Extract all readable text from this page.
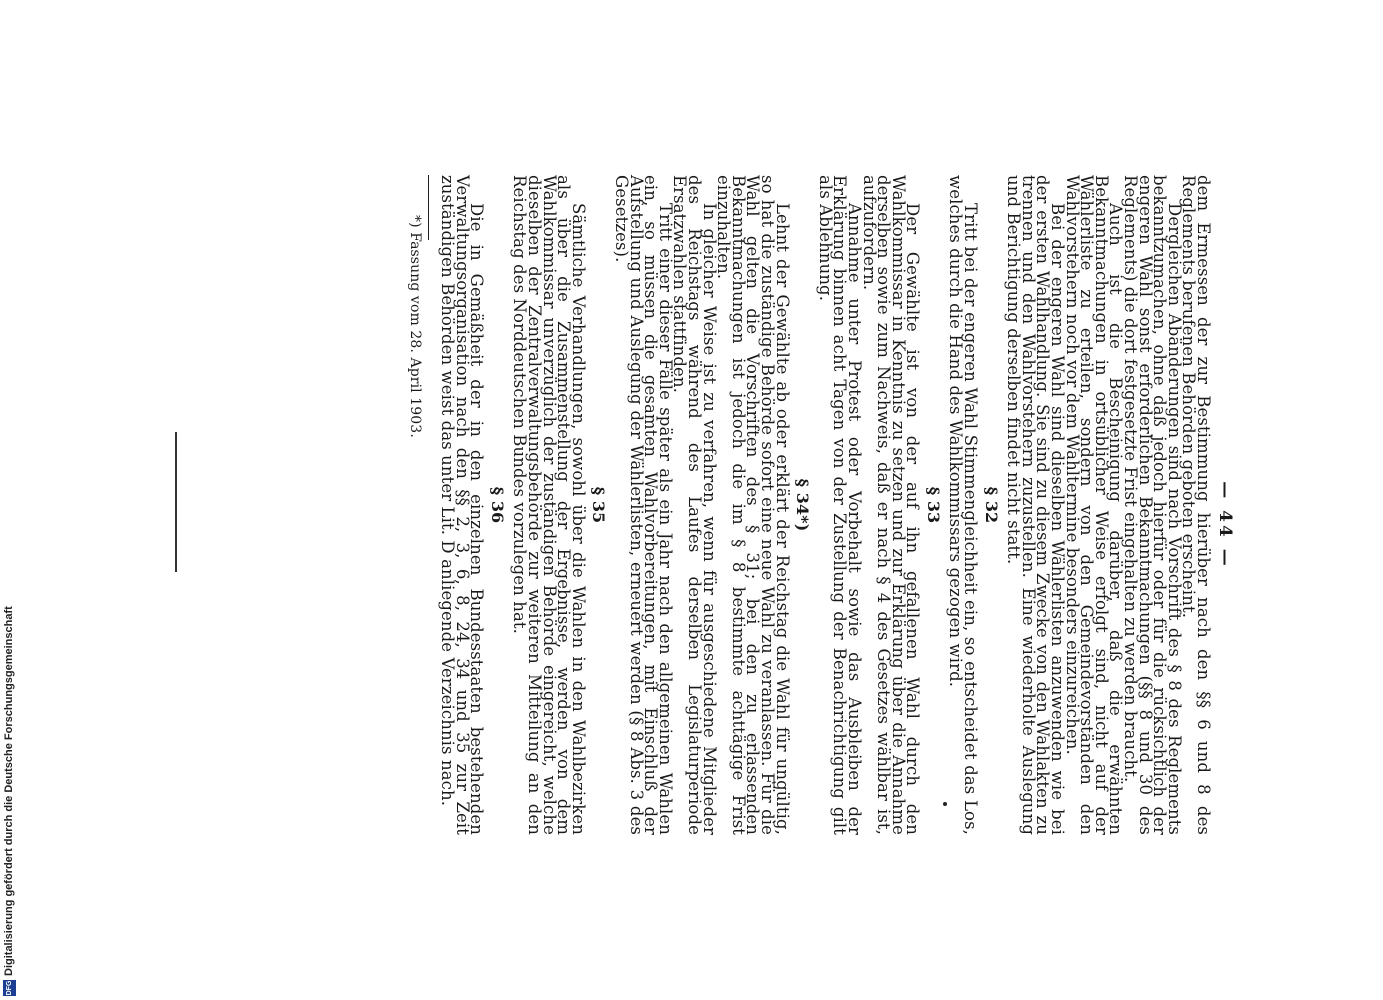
— 44 —

dem Ermessen der zur Bestimmung hierüber nach den §§ 6 und 8 des Reglements berufenen Behörden geboten erscheint.

Dergleichen Abänderungen sind nach Vorschrift des § 8 des Reglements bekanntzumachen, ohne daß jedoch hierfür oder für die rücksichtlich der engeren Wahl sonst erforderlichen Bekanntmachungen (§§ 8 und 30 des Reglements) die dort festgesetzte Frist eingehalten zu werden braucht.

Auch ist die Bescheinigung darüber, daß die erwähnten Bekanntmachungen in ortsüblicher Weise erfolgt sind, nicht auf der Wählerliste zu erteilen, sondern von den Gemeindevorständen den Wahlvorstehern noch vor dem Wahltermine besonders einzureichen.

Bei der engeren Wahl sind dieselben Wählerlisten anzuwenden wie bei der ersten Wahlhandlung. Sie sind zu diesem Zwecke von den Wahlakten zu trennen und den Wahlvorstehern zuzustellen. Eine wiederholte Auslegung und Berichtigung derselben findet nicht statt.

§ 32

Tritt bei der engeren Wahl Stimmengleichheit ein, so entscheidet das Los, welches durch die Hand des Wahlkommissars gezogen wird.

§ 33

Der Gewählte ist von der auf ihn gefallenen Wahl durch den Wahlkommissar in Kenntnis zu setzen und zur Erklärung über die Annahme derselben sowie zum Nachweis, daß er nach § 4 des Gesetzes wählbar ist, aufzufordern.

Annahme unter Protest oder Vorbehalt sowie das Ausbleiben der Erklärung binnen acht Tagen von der Zustellung der Benachrichtigung gilt als Ablehnung.

§ 34*)

Lehnt der Gewählte ab oder erklärt der Reichstag die Wahl für ungültig, so hat die zuständige Behörde sofort eine neue Wahl zu veranlassen. Für die Wahl gelten die Vorschriften des § 31; bei den zu erlassenden Bekanntmachungen ist jedoch die im § 8 bestimmte achttägige Frist einzuhalten.

In gleicher Weise ist zu verfahren, wenn für ausgeschiedene Mitglieder des Reichstags während des Laufes derselben Legislaturperiode Ersatzwahlen stattfinden.

Tritt einer dieser Fälle später als ein Jahr nach den allgemeinen Wahlen ein, so müssen die gesamten Wahlvorbereitungen, mit Einschluß der Aufstellung und Auslegung der Wählerlisten, erneuert werden (§ 8 Abs. 3 des Gesetzes).

§ 35

Sämtliche Verhandlungen, sowohl über die Wahlen in den Wahlbezirken als über die Zusammenstellung der Ergebnisse, werden von dem Wahlkommissar unverzüglich der zuständigen Behörde eingereicht, welche dieselben der Zentralverwaltungsbehörde zur weiteren Mitteilung an den Reichstag des Norddeutschen Bundes vorzulegen hat.

§ 36

Die in Gemäßheit der in den einzelnen Bundesstaaten bestehenden Verwaltungsorganisation nach den §§ 2, 3, 6, 8, 24, 34 und 35 zur Zeit zuständigen Behörden weist das unter Lit. D anliegende Verzeichnis nach.

*) Fassung vom 28. April 1903.
DFG
Digitalisierung gefördert durch die Deutsche Forschungsgemeinschaft
